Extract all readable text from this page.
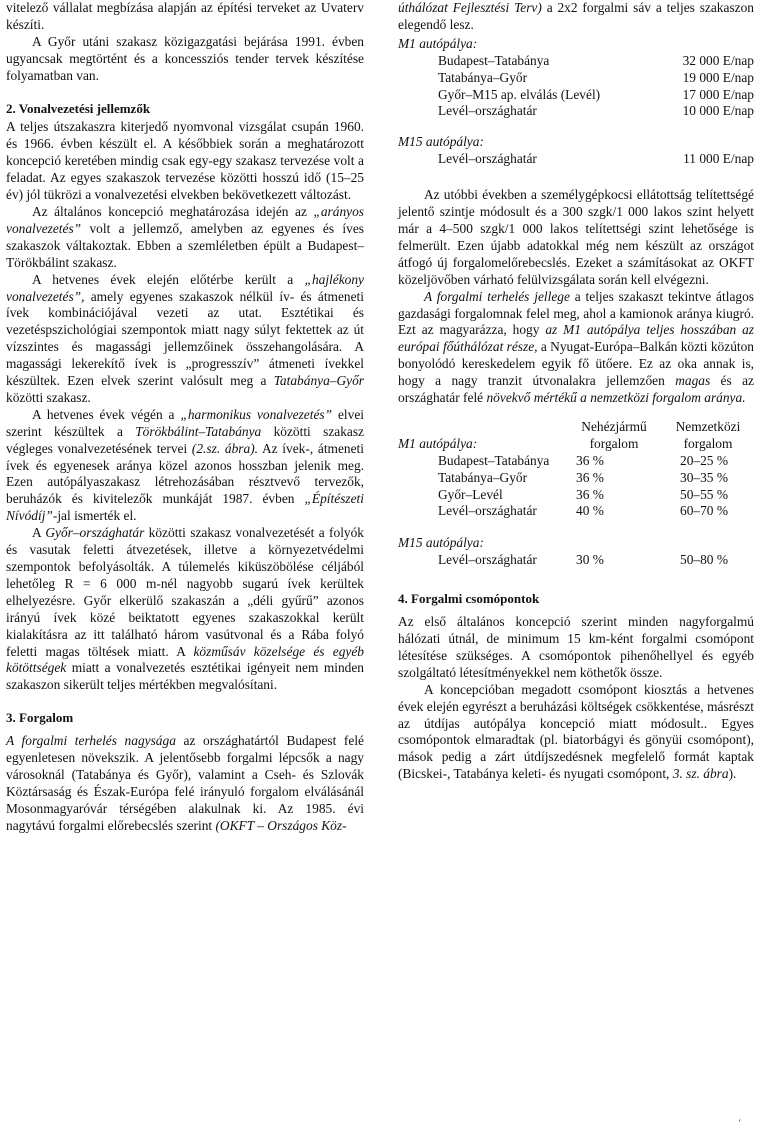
vitelező vállalat megbízása alapján az építési terveket az Uvaterv készíti.

A Győr utáni szakasz közigazgatási bejárása 1991. évben ugyancsak megtörtént és a koncessziós tender tervek készítése folyamatban van.

2. Vonalvezetési jellemzők

A teljes útszakaszra kiterjedő nyomvonal vizsgálat csupán 1960. és 1966. évben készült el. A későbbiek során a meghatározott koncepció keretében mindig csak egy-egy szakasz tervezése volt a feladat. Az egyes szakaszok tervezése közötti hosszú idő (15–25 év) jól tükrözi a vonalvezetési elvekben bekövetkezett változást.

Az általános koncepció meghatározása idején az „arányos vonalvezetés” volt a jellemző, amelyben az egyenes és íves szakaszok váltakoztak. Ebben a szemléletben épült a Budapest–Törökbálint szakasz.

A hetvenes évek elején előtérbe került a „hajlékony vonalvezetés”, amely egyenes szakaszok nélkül ív- és átmeneti ívek kombinációjával vezeti az utat. Esztétikai és vezetéspszichológiai szempontok miatt nagy súlyt fektettek az út vízszintes és magassági jellemzőinek összehangolására. A magassági lekerekítő ívek is „progresszív” átmeneti ívekkel készültek. Ezen elvek szerint valósult meg a Tatabánya–Győr közötti szakasz.

A hetvenes évek végén a „harmonikus vonalvezetés” elvei szerint készültek a Törökbálint–Tatabánya közötti szakasz végleges vonalvezetésének tervei (2.sz. ábra). Az ívek-, átmeneti ívek és egyenesek aránya közel azonos hosszban jelenik meg. Ezen autópályaszakasz létrehozásában résztvevő tervezők, beruházók és kivitelezők munkáját 1987. évben „Építészeti Nívódíj”-jal ismerték el.

A Győr–országhatár közötti szakasz vonalvezetését a folyók és vasutak feletti átvezetések, illetve a környezetvédelmi szempontok befolyásolták. A túlemelés kiküszöbölése céljából lehetőleg R = 6 000 m-nél nagyobb sugarú ívek kerültek elhelyezésre. Győr elkerülő szakaszán a „déli gyűrű” azonos irányú ívek közé beiktatott egyenes szakaszokkal került kialakításra az itt található három vasútvonal és a Rába folyó feletti magas töltések miatt. A közműsáv közelsége és egyéb kötöttségek miatt a vonalvezetés esztétikai igényeit nem minden szakaszon sikerült teljes mértékben megvalósítani.

3. Forgalom

A forgalmi terhelés nagysága az országhatártól Budapest felé egyenletesen növekszik. A jelentősebb forgalmi lépcsők a nagy városoknál (Tatabánya és Győr), valamint a Cseh- és Szlovák Köztársaság és Észak-Európa felé irányuló forgalom elválásánál Mosonmagyaróvár térségében alakulnak ki. Az 1985. évi nagytávú forgalmi előrebecslés szerint (OKFT – Országos Köz-

úthálózat Fejlesztési Terv) a 2x2 forgalmi sáv a teljes szakaszon elegendő lesz.

M1 autópálya:
Budapest–Tatabánya	32 000 E/nap
Tatabánya–Győr	19 000 E/nap
Győr–M15 ap. elválás (Levél)	17 000 E/nap
Levél–országhatár	10 000 E/nap
M15 autópálya:
Levél–országhatár	11 000 E/nap

Az utóbbi években a személygépkocsi ellátottság telítettségé jelentő szintje módosult és a 300 szgk/1 000 lakos szint helyett már a 4–500 szgk/1 000 lakos telítettségi szint lehetősége is felmerült. Ezen újabb adatokkal még nem készült az országot átfogó új forgalomelőrebecslés. Ezeket a számításokat az OKFT közeljövőben várható felülvizsgálata során kell elvégezni.

A forgalmi terhelés jellege a teljes szakaszt tekintve átlagos gazdasági forgalomnak felel meg, ahol a kamionok aránya kiugró. Ezt az magyarázza, hogy az M1 autópálya teljes hosszában az európai főúthálózat része, a Nyugat-Európa–Balkán közti közúton bonyolódó kereskedelem egyik fő ütőere. Ez az oka annak is, hogy a nagy tranzit útvonalakra jellemzően magas és az országhatár felé növekvő mértékű a nemzetközi forgalom aránya.

	Nehézjármű	Nemzetközi
M1 autópálya:	forgalom	forgalom
Budapest–Tatabánya	36 %	20–25 %
Tatabánya–Győr	36 %	30–35 %
Győr–Levél	36 %	50–55 %
Levél–országhatár	40 %	60–70 %

M15 autópálya:		
Levél–országhatár	30 %	50–80 %
4. Forgalmi csomópontok

Az első általános koncepció szerint minden nagyforgalmú hálózati útnál, de minimum 15 km-ként forgalmi csomópont létesítése szükséges. A csomópontok pihenőhellyel és egyéb szolgáltató létesítményekkel nem köthetők össze.

A koncepcióban megadott csomópont kiosztás a hetvenes évek elején egyrészt a beruházási költségek csökkentése, másrészt az útdíjas autópálya koncepció miatt módosult.. Egyes csomópontok elmaradtak (pl. biatorbágyi és gönyüi csomópont), mások pedig a zárt útdíjszedésnek megfelelő formát kaptak (Bicskei-, Tatabánya keleti- és nyugati csomópont, 3. sz. ábra).

‘
